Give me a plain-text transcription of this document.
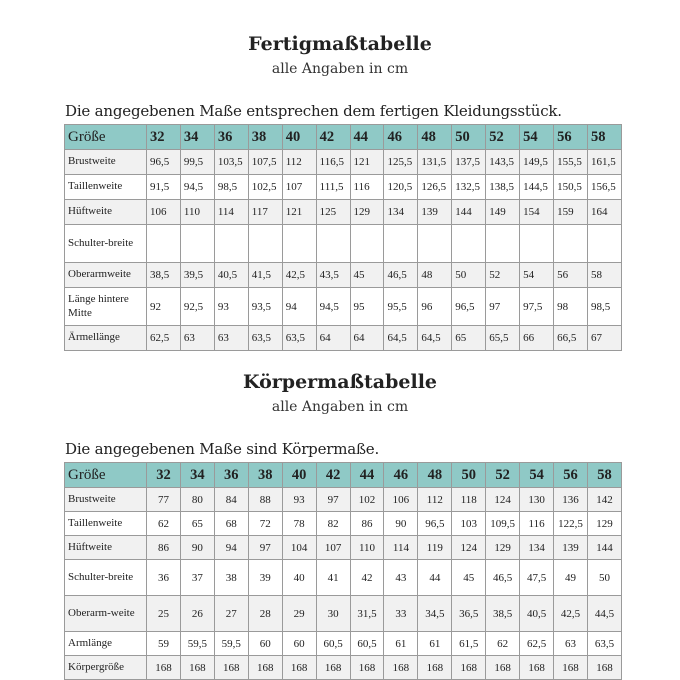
Fertigmaßtabelle

alle Angaben in cm

Die angegebenen Maße entsprechen dem fertigen Kleidungsstück.

Größe	32	34	36	38	40	42	44	46	48	50	52	54	56	58
Brustweite	96,5	99,5	103,5	107,5	112	116,5	121	125,5	131,5	137,5	143,5	149,5	155,5	161,5
Taillenweite	91,5	94,5	98,5	102,5	107	111,5	116	120,5	126,5	132,5	138,5	144,5	150,5	156,5
Hüftweite	106	110	114	117	121	125	129	134	139	144	149	154	159	164
Schulter-breite														
Oberarmweite	38,5	39,5	40,5	41,5	42,5	43,5	45	46,5	48	50	52	54	56	58
Länge hintere Mitte	92	92,5	93	93,5	94	94,5	95	95,5	96	96,5	97	97,5	98	98,5
Ärmellänge	62,5	63	63	63,5	63,5	64	64	64,5	64,5	65	65,5	66	66,5	67
Körpermaßtabelle

alle Angaben in cm

Die angegebenen Maße sind Körpermaße.

Größe	32	34	36	38	40	42	44	46	48	50	52	54	56	58
Brustweite	77	80	84	88	93	97	102	106	112	118	124	130	136	142
Taillenweite	62	65	68	72	78	82	86	90	96,5	103	109,5	116	122,5	129
Hüftweite	86	90	94	97	104	107	110	114	119	124	129	134	139	144
Schulter-breite	36	37	38	39	40	41	42	43	44	45	46,5	47,5	49	50
Oberarm-weite	25	26	27	28	29	30	31,5	33	34,5	36,5	38,5	40,5	42,5	44,5
Armlänge	59	59,5	59,5	60	60	60,5	60,5	61	61	61,5	62	62,5	63	63,5
Körpergröße	168	168	168	168	168	168	168	168	168	168	168	168	168	168
